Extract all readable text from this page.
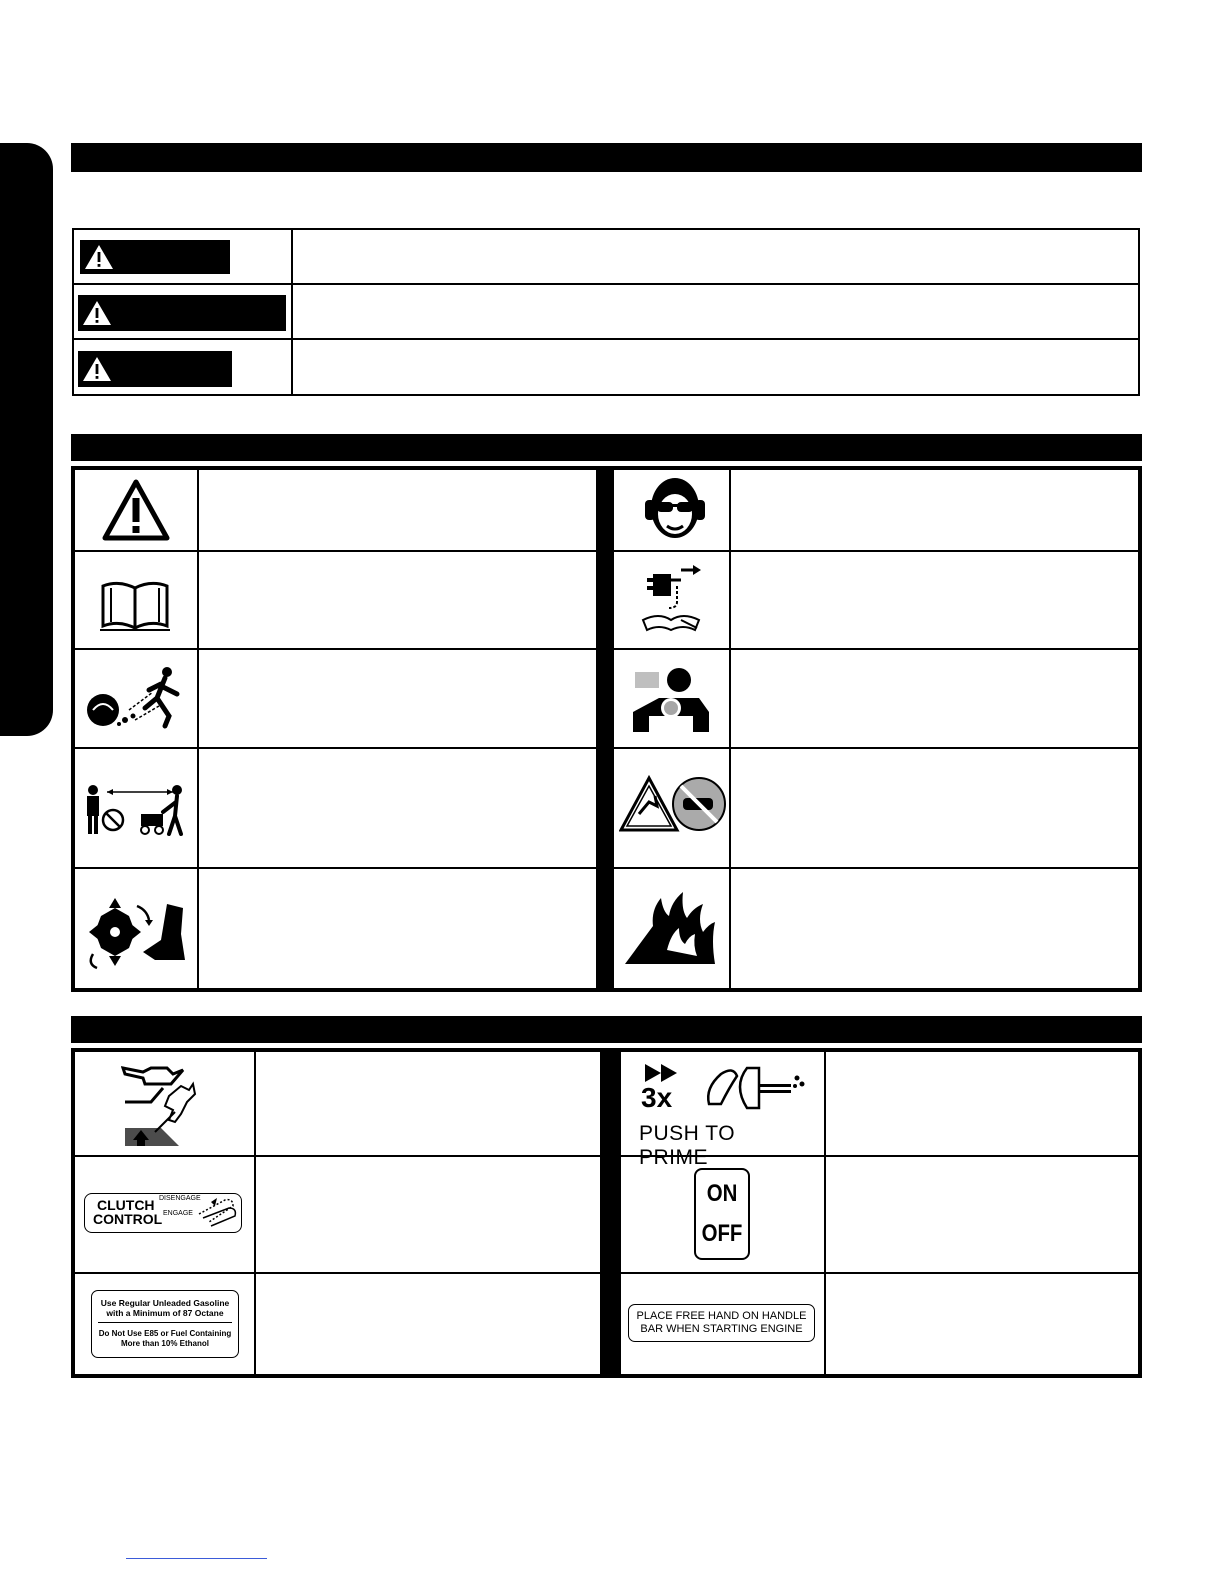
3x
PUSH TO PRIME
CLUTCH
CONTROL
DISENGAGE
ENGAGE
ON
OFF
Use Regular Unleaded Gasoline
with a Minimum of 87 Octane
Do Not Use E85 or Fuel Containing
More than 10% Ethanol
PLACE FREE HAND ON HANDLE
BAR WHEN STARTING ENGINE
